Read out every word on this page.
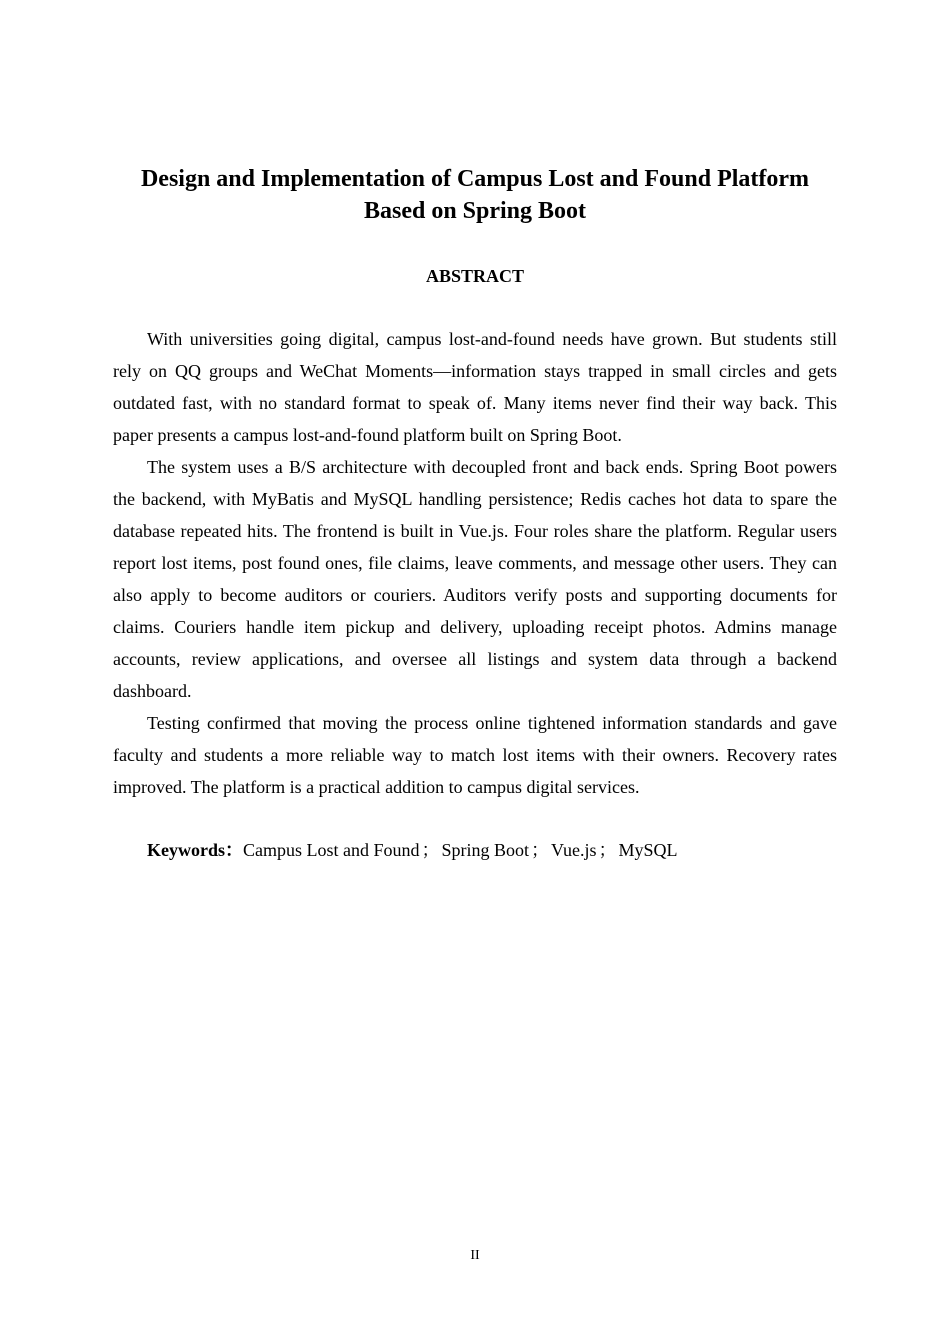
Design and Implementation of Campus Lost and Found Platform
Based on Spring Boot
ABSTRACT

With universities going digital, campus lost-and-found needs have grown. But students still rely on QQ groups and WeChat Moments—information stays trapped in small circles and gets outdated fast, with no standard format to speak of. Many items never find their way back. This paper presents a campus lost-and-found platform built on Spring Boot.

The system uses a B/S architecture with decoupled front and back ends. Spring Boot powers the backend, with MyBatis and MySQL handling persistence; Redis caches hot data to spare the database repeated hits. The frontend is built in Vue.js. Four roles share the platform. Regular users report lost items, post found ones, file claims, leave comments, and message other users. They can also apply to become auditors or couriers. Auditors verify posts and supporting documents for claims. Couriers handle item pickup and delivery, uploading receipt photos. Admins manage accounts, review applications, and oversee all listings and system data through a backend dashboard.

Testing confirmed that moving the process online tightened information standards and gave faculty and students a more reliable way to match lost items with their owners. Recovery rates improved. The platform is a practical addition to campus digital services.

Keywords：Campus Lost and Found ； Spring Boot ； Vue.js ； MySQL
II
